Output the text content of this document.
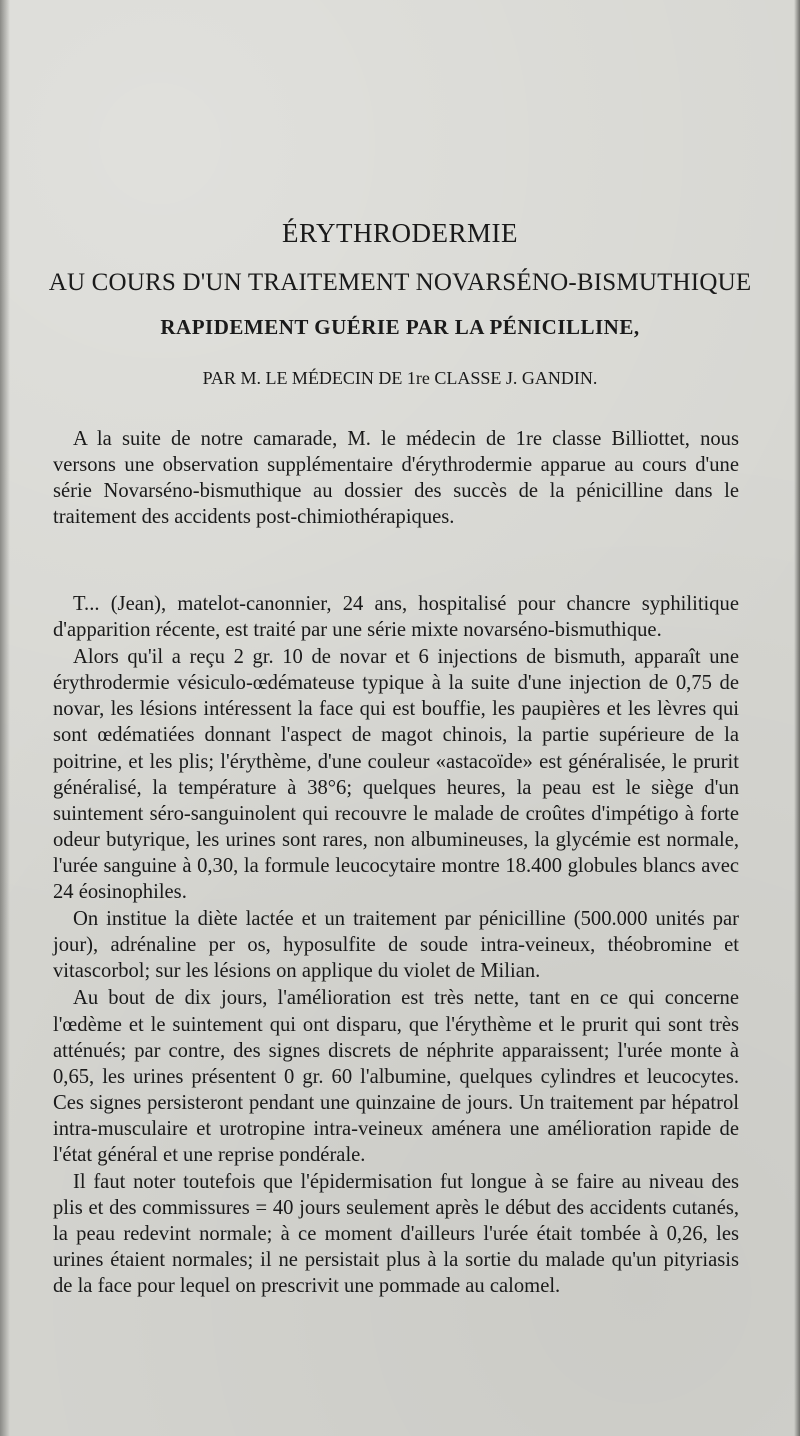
ÉRYTHRODERMIE
AU COURS D'UN TRAITEMENT NOVARSÉNO-BISMUTHIQUE
RAPIDEMENT GUÉRIE PAR LA PÉNICILLINE,
PAR M. LE MÉDECIN DE 1re CLASSE J. GANDIN.

A la suite de notre camarade, M. le médecin de 1re classe Billiottet, nous versons une observation supplémentaire d'érythrodermie apparue au cours d'une série Novarséno-bismuthique au dossier des succès de la pénicilline dans le traitement des accidents post-chimiothérapiques.

T... (Jean), matelot-canonnier, 24 ans, hospitalisé pour chancre syphilitique d'apparition récente, est traité par une série mixte novarséno-bismuthique.

Alors qu'il a reçu 2 gr. 10 de novar et 6 injections de bismuth, apparaît une érythrodermie vésiculo-œdémateuse typique à la suite d'une injection de 0,75 de novar, les lésions intéressent la face qui est bouffie, les paupières et les lèvres qui sont œdématiées donnant l'aspect de magot chinois, la partie supérieure de la poitrine, et les plis; l'érythème, d'une couleur «astacoïde» est généralisée, le prurit généralisé, la température à 38°6; quelques heures, la peau est le siège d'un suintement séro-sanguinolent qui recouvre le malade de croûtes d'impétigo à forte odeur butyrique, les urines sont rares, non albumineuses, la glycémie est normale, l'urée sanguine à 0,30, la formule leucocytaire montre 18.400 globules blancs avec 24 éosinophiles.

On institue la diète lactée et un traitement par pénicilline (500.000 unités par jour), adrénaline per os, hyposulfite de soude intra-veineux, théobromine et vitascorbol; sur les lésions on applique du violet de Milian.

Au bout de dix jours, l'amélioration est très nette, tant en ce qui concerne l'œdème et le suintement qui ont disparu, que l'érythème et le prurit qui sont très atténués; par contre, des signes discrets de néphrite apparaissent; l'urée monte à 0,65, les urines présentent 0 gr. 60 l'albumine, quelques cylindres et leucocytes. Ces signes persisteront pendant une quinzaine de jours. Un traitement par hépatrol intra-musculaire et urotropine intra-veineux aménera une amélioration rapide de l'état général et une reprise pondérale.

Il faut noter toutefois que l'épidermisation fut longue à se faire au niveau des plis et des commissures = 40 jours seulement après le début des accidents cutanés, la peau redevint normale; à ce moment d'ailleurs l'urée était tombée à 0,26, les urines étaient normales; il ne persistait plus à la sortie du malade qu'un pityriasis de la face pour lequel on prescrivit une pommade au calomel.
